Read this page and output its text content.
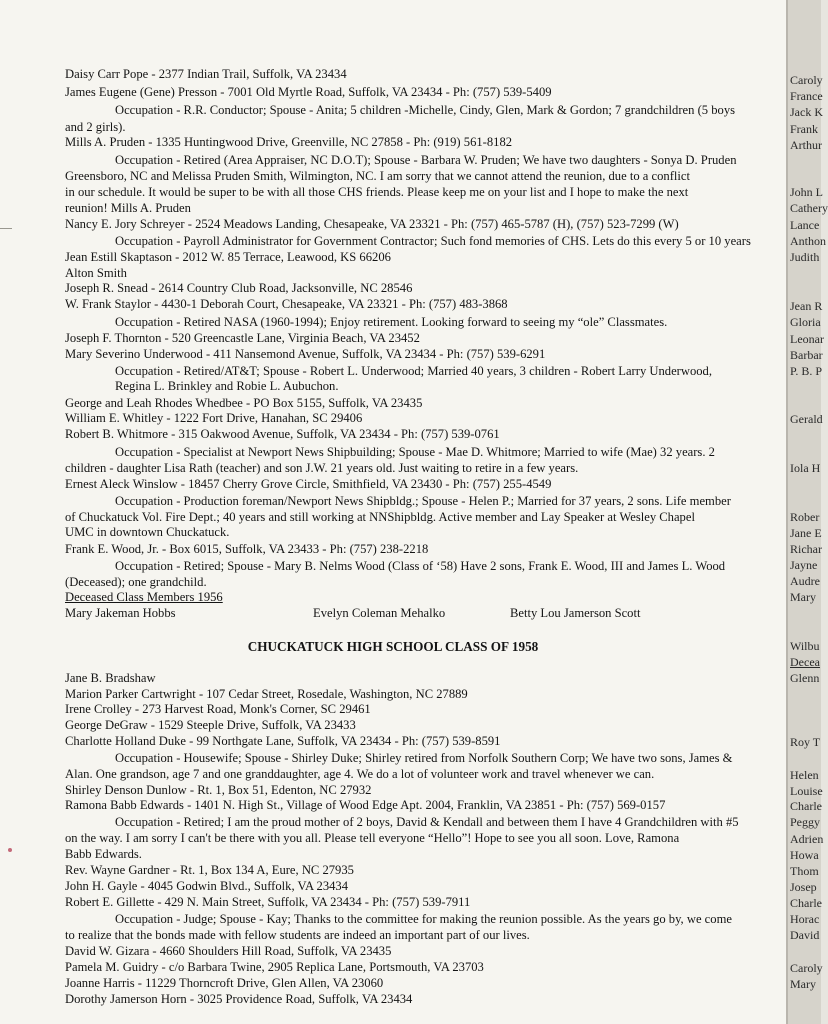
Daisy Carr Pope - 2377 Indian Trail, Suffolk, VA 23434
James Eugene (Gene) Presson - 7001 Old Myrtle Road, Suffolk, VA 23434 - Ph: (757) 539-5409
Occupation - R.R. Conductor; Spouse - Anita; 5 children -Michelle, Cindy, Glen, Mark & Gordon; 7 grandchildren (5 boys
and 2 girls).
Mills A. Pruden - 1335 Huntingwood Drive, Greenville, NC 27858 - Ph: (919) 561-8182
Occupation - Retired (Area Appraiser, NC D.O.T); Spouse - Barbara W. Pruden; We have two daughters - Sonya D. Pruden
Greensboro, NC and Melissa Pruden Smith, Wilmington, NC. I am sorry that we cannot attend the reunion, due to a conflict
in our schedule. It would be super to be with all those CHS friends. Please keep me on your list and I hope to make the next
reunion! Mills A. Pruden
Nancy E. Jory Schreyer - 2524 Meadows Landing, Chesapeake, VA 23321 - Ph: (757) 465-5787 (H), (757) 523-7299 (W)
Occupation - Payroll Administrator for Government Contractor; Such fond memories of CHS. Lets do this every 5 or 10 years
Jean Estill Skaptason - 2012 W. 85 Terrace, Leawood, KS 66206
Alton Smith
Joseph R. Snead - 2614 Country Club Road, Jacksonville, NC 28546
W. Frank Staylor - 4430-1 Deborah Court, Chesapeake, VA 23321 - Ph: (757) 483-3868
Occupation - Retired NASA (1960-1994); Enjoy retirement. Looking forward to seeing my “ole” Classmates.
Joseph F. Thornton - 520 Greencastle Lane, Virginia Beach, VA 23452
Mary Severino Underwood - 411 Nansemond Avenue, Suffolk, VA 23434 - Ph: (757) 539-6291
Occupation - Retired/AT&T; Spouse - Robert L. Underwood; Married 40 years, 3 children - Robert Larry Underwood,
Regina L. Brinkley and Robie L. Aubuchon.
George and Leah Rhodes Whedbee - PO Box 5155, Suffolk, VA 23435
William E. Whitley - 1222 Fort Drive, Hanahan, SC 29406
Robert B. Whitmore - 315 Oakwood Avenue, Suffolk, VA 23434 - Ph: (757) 539-0761
Occupation - Specialist at Newport News Shipbuilding; Spouse - Mae D. Whitmore; Married to wife (Mae) 32 years. 2
children - daughter Lisa Rath (teacher) and son J.W. 21 years old. Just waiting to retire in a few years.
Ernest Aleck Winslow - 18457 Cherry Grove Circle, Smithfield, VA 23430 - Ph: (757) 255-4549
Occupation - Production foreman/Newport News Shipbldg.; Spouse - Helen P.; Married for 37 years, 2 sons. Life member
of Chuckatuck Vol. Fire Dept.; 40 years and still working at NNShipbldg. Active member and Lay Speaker at Wesley Chapel
UMC in downtown Chuckatuck.
Frank E. Wood, Jr. - Box 6015, Suffolk, VA 23433 - Ph: (757) 238-2218
Occupation - Retired; Spouse - Mary B. Nelms Wood (Class of ‘58) Have 2 sons, Frank E. Wood, III and James L. Wood
(Deceased); one grandchild.
Deceased Class Members 1956
Mary Jakeman Hobbs	Evelyn Coleman Mehalko	Betty Lou Jamerson Scott
CHUCKATUCK HIGH SCHOOL CLASS OF 1958
Jane B. Bradshaw
Marion Parker Cartwright - 107 Cedar Street, Rosedale, Washington, NC 27889
Irene Crolley - 273 Harvest Road, Monk's Corner, SC 29461
George DeGraw - 1529 Steeple Drive, Suffolk, VA 23433
Charlotte Holland Duke - 99 Northgate Lane, Suffolk, VA 23434 - Ph: (757) 539-8591
Occupation - Housewife; Spouse - Shirley Duke; Shirley retired from Norfolk Southern Corp; We have two sons, James &
Alan. One grandson, age 7 and one granddaughter, age 4. We do a lot of volunteer work and travel whenever we can.
Shirley Denson Dunlow - Rt. 1, Box 51, Edenton, NC 27932
Ramona Babb Edwards - 1401 N. High St., Village of Wood Edge Apt. 2004, Franklin, VA 23851 - Ph: (757) 569-0157
Occupation - Retired; I am the proud mother of 2 boys, David & Kendall and between them I have 4 Grandchildren with #5
on the way. I am sorry I can't be there with you all. Please tell everyone “Hello”! Hope to see you all soon. Love, Ramona
Babb Edwards.
Rev. Wayne Gardner - Rt. 1, Box 134 A, Eure, NC 27935
John H. Gayle - 4045 Godwin Blvd., Suffolk, VA 23434
Robert E. Gillette - 429 N. Main Street, Suffolk, VA 23434 - Ph: (757) 539-7911
Occupation - Judge; Spouse - Kay; Thanks to the committee for making the reunion possible. As the years go by, we come
to realize that the bonds made with fellow students are indeed an important part of our lives.
David W. Gizara - 4660 Shoulders Hill Road, Suffolk, VA 23435
Pamela M. Guidry - c/o Barbara Twine, 2905 Replica Lane, Portsmouth, VA 23703
Joanne Harris - 11229 Thorncroft Drive, Glen Allen, VA 23060
Dorothy Jamerson Horn - 3025 Providence Road, Suffolk, VA 23434
Caroly
France
Jack K
Frank
Arthur
John L
Cathery
Lance
Anthon
Judith
Jean R
Gloria
Leonar
Barbar
P. B. P
Gerald
Iola H
Rober
Jane E
Richar
Jayne
Audre
Mary
Wilbu
Decea
Glenn
Roy T
Helen
Louise
Charle
Peggy
Adrien
Howa
Thom
Josep
Charle
Horac
David
Caroly
Mary
